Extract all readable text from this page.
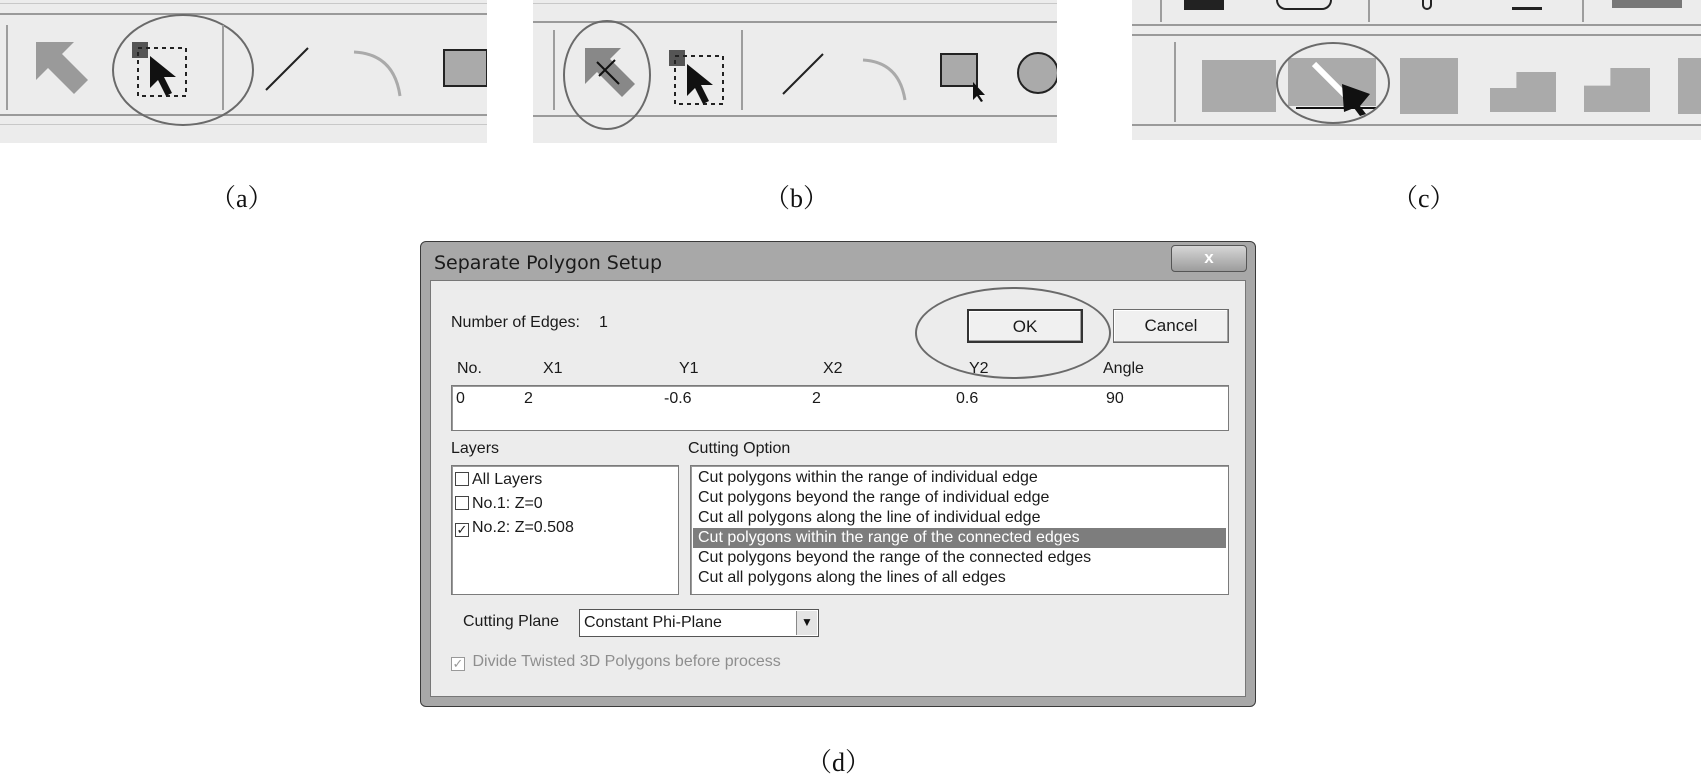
（a）	（b）	（c）
Separate Polygon Setup	x
Number of Edges: 1	OK	Cancel
No.	X1	Y1	X2	Y2	Angle
0	2	-0.6	2	0.6	90
Layers
All Layers
No.1: Z=0
✓ No.2: Z=0.508
Cutting Option
Cut polygons within the range of individual edge
Cut polygons beyond the range of individual edge
Cut all polygons along the line of individual edge
Cut polygons within the range of the connected edges
Cut polygons beyond the range of the connected edges
Cut all polygons along the lines of all edges
Cutting Plane Constant Phi-Plane	▼
✓ Divide Twisted 3D Polygons before process
（d）
